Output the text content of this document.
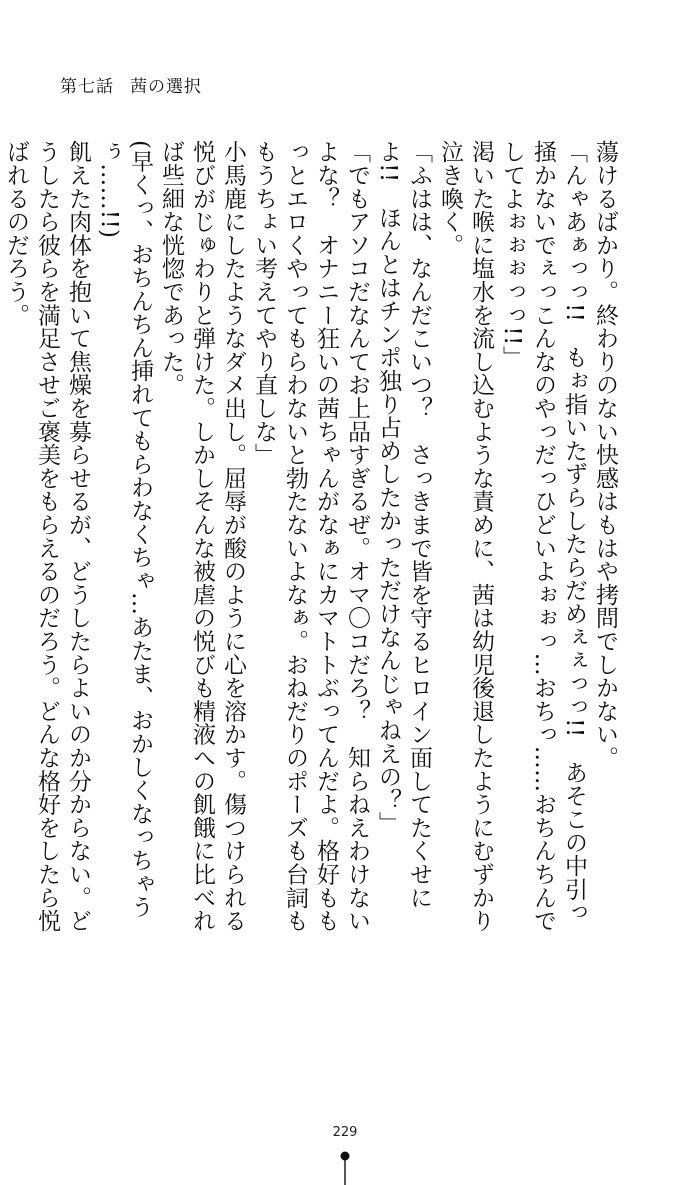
第七話 茜の選択

蕩けるばかり。終わりのない快感はもはや拷問でしかない。

「んゃあぁっっ!!　もぉ指いたずらしたらだめぇぇっっ!!　あそこの中引っ掻かないでぇっこんなのやっだっひどいよぉぉっ…おちっ……おちんちんでしてよぉぉぉっっ!!」

渇いた喉に塩水を流し込むような責めに、茜は幼児後退したようにむずかり泣き喚く。

「ふはは、なんだこいつ？　さっきまで皆を守るヒロイン面してたくせによ!!　ほんとはチンポ独り占めしたかっただけなんじゃねえの？」

「でもアソコだなんてお上品すぎるぜ。オマ〇コだろ？　知らねえわけないよな？　オナニー狂いの茜ちゃんがなぁにカマトトぶってんだよ。格好ももっとエロくやってもらわないと勃たないよなぁ。おねだりのポーズも台詞ももうちょい考えてやり直しな」

小馬鹿にしたようなダメ出し。屈辱が酸のように心を溶かす。傷つけられる悦びがじゅわりと弾けた。しかしそんな被虐の悦びも精液への飢餓に比べれば些細な恍惚であった。

(早くっ、おちんちん挿れてもらわなくちゃ…あたま、おかしくなっちゃうぅ……!!)

飢えた肉体を抱いて焦燥を募らせるが、どうしたらよいのか分からない。どうしたら彼らを満足させご褒美をもらえるのだろう。どんな格好をしたら悦ばれるのだろう。

229
